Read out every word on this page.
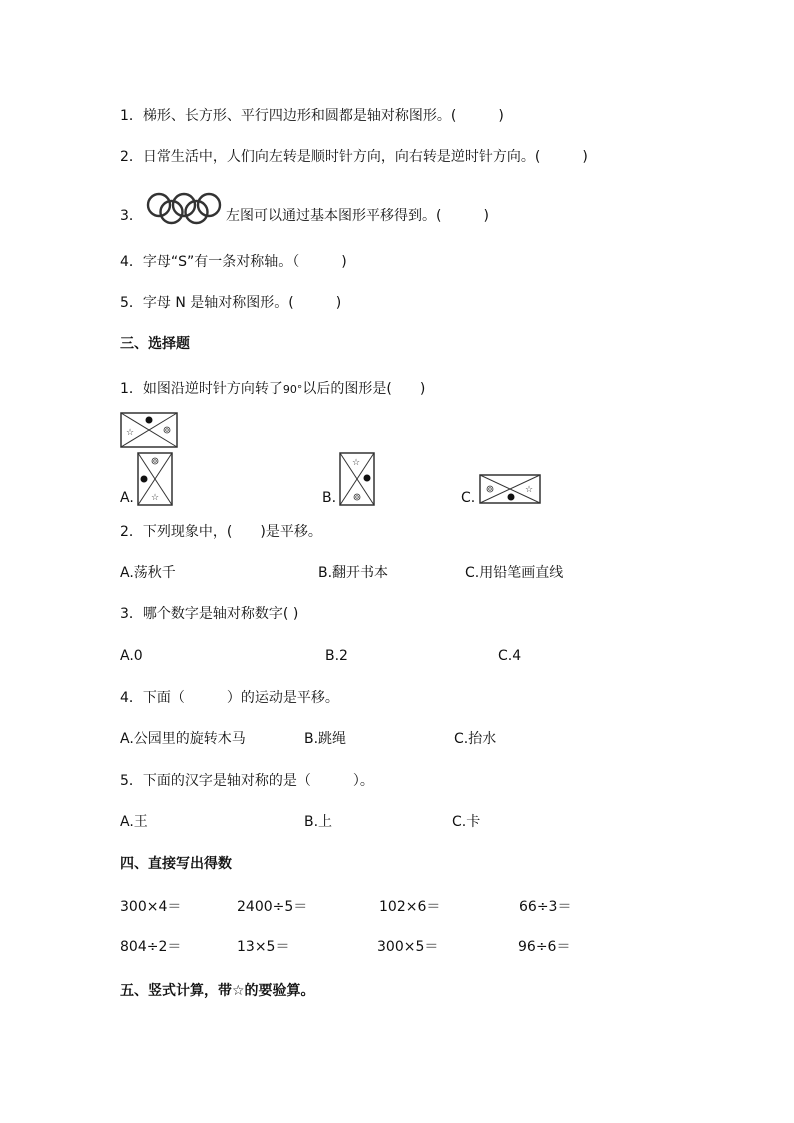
1．梯形、长方形、平行四边形和圆都是轴对称图形。(　　　)
2．日常生活中，人们向左转是顺时针方向，向右转是逆时针方向。(　　　)
3．	左图可以通过基本图形平移得到。(　　　)
4．字母“S”有一条对称轴。（　　　)
5．字母 N 是轴对称图形。(　　　)
三、选择题
1．如图沿逆时针方向转了90°以后的图形是(　　)
☆
A. ☆	B.
☆
C.	☆
2．下列现象中，(　　)是平移。
A.荡秋千	B.翻开书本	C.用铅笔画直线
3．哪个数字是轴对称数字( )
A.0	B.2	C.4
4．下面（　　　）的运动是平移。
A.公园里的旋转木马	B.跳绳	C.抬水
5．下面的汉字是轴对称的是（　　　）。
A.王	B.上	C.卡
四、直接写出得数
300×4＝	2400÷5＝	102×6＝	66÷3＝
804÷2＝	13×5＝	300×5＝	96÷6＝
五、竖式计算，带☆的要验算。
